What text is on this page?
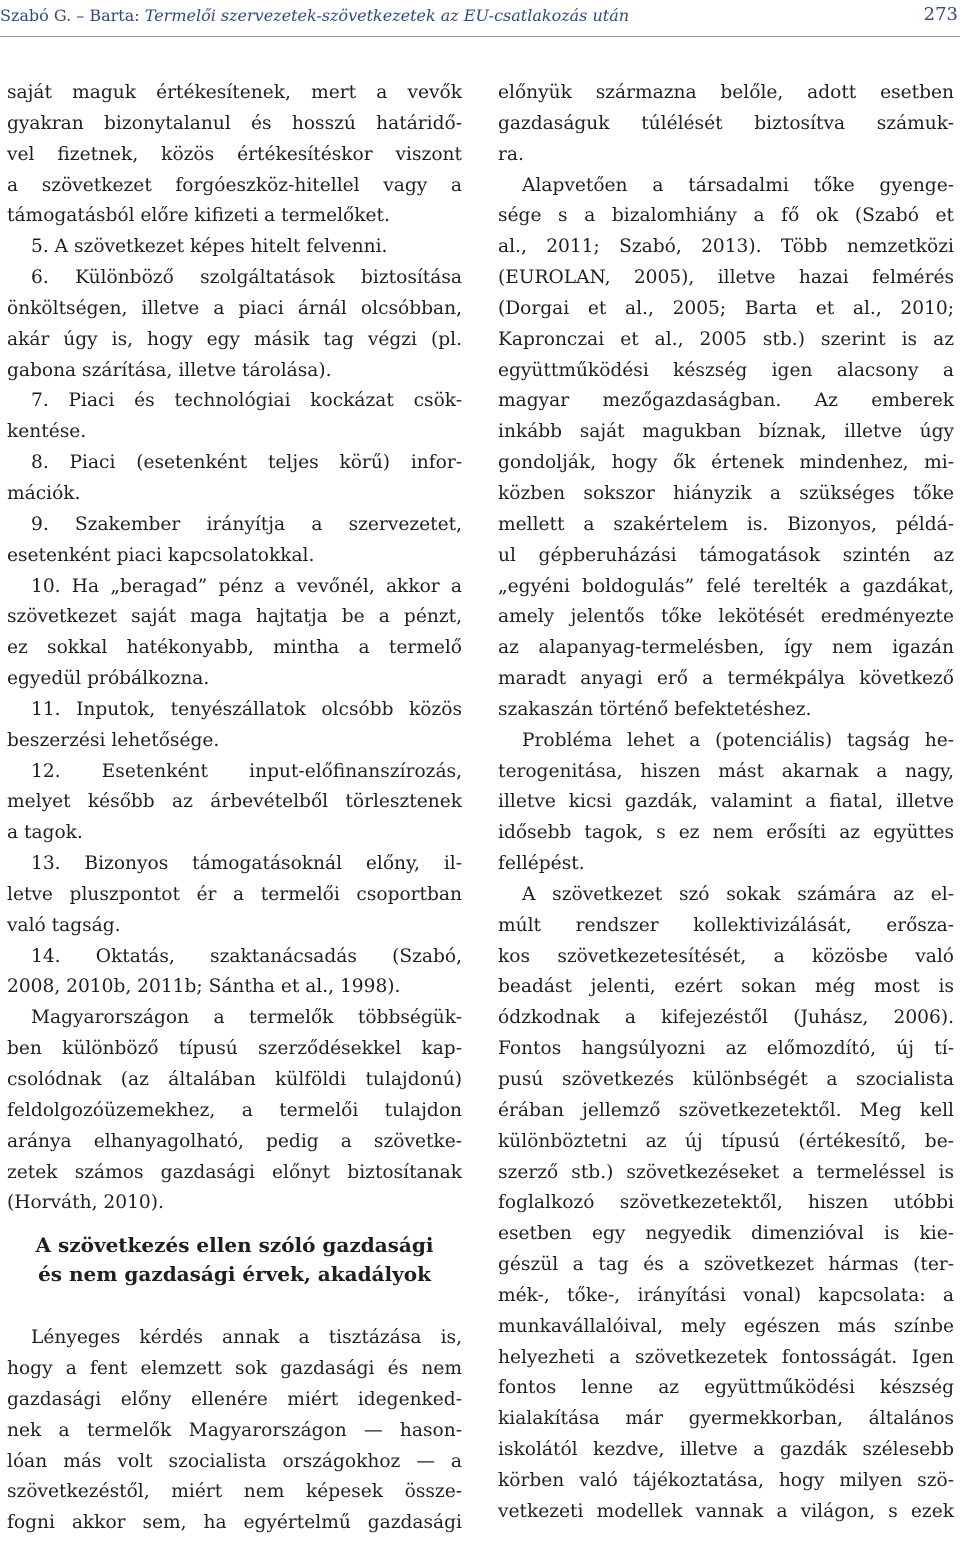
Szabó G. – Barta: Termelői szervezetek-szövetkezetek az EU-csatlakozás után	273
saját maguk értékesítenek, mert a vevők
gyakran bizonytalanul és hosszú határidő-
vel fizetnek, közös értékesítéskor viszont
a szövetkezet forgóeszköz-hitellel vagy a
támogatásból előre kifizeti a termelőket.
5. A szövetkezet képes hitelt felvenni.
6. Különböző szolgáltatások biztosítása
önköltségen, illetve a piaci árnál olcsóbban,
akár úgy is, hogy egy másik tag végzi (pl.
gabona szárítása, illetve tárolása).
7. Piaci és technológiai kockázat csök-
kentése.
8. Piaci (esetenként teljes körű) infor-
mációk.
9. Szakember irányítja a szervezetet,
esetenként piaci kapcsolatokkal.
10. Ha „beragad” pénz a vevőnél, akkor a
szövetkezet saját maga hajtatja be a pénzt,
ez sokkal hatékonyabb, mintha a termelő
egyedül próbálkozna.
11. Inputok, tenyészállatok olcsóbb közös
beszerzési lehetősége.
12. Esetenként input-előfinanszírozás,
melyet később az árbevételből törlesztenek
a tagok.
13. Bizonyos támogatásoknál előny, il-
letve pluszpontot ér a termelői csoportban
való tagság.
14. Oktatás, szaktanácsadás (Szabó,
2008, 2010b, 2011b; Sántha et al., 1998).
Magyarországon a termelők többségük-
ben különböző típusú szerződésekkel kap-
csolódnak (az általában külföldi tulajdonú)
feldolgozóüzemekhez, a termelői tulajdon
aránya elhanyagolható, pedig a szövetke-
zetek számos gazdasági előnyt biztosítanak
(Horváth, 2010).
A szövetkezés ellen szóló gazdasági
és nem gazdasági érvek, akadályok
Lényeges kérdés annak a tisztázása is,
hogy a fent elemzett sok gazdasági és nem
gazdasági előny ellenére miért idegenked-
nek a termelők Magyarországon — hason-
lóan más volt szocialista országokhoz — a
szövetkezéstől, miért nem képesek össze-
fogni akkor sem, ha egyértelmű gazdasági
előnyük származna belőle, adott esetben
gazdaságuk túlélését biztosítva számuk-
ra.
Alapvetően a társadalmi tőke gyenge-
sége s a bizalomhiány a fő ok (Szabó et
al., 2011; Szabó, 2013). Több nemzetközi
(EUROLAN, 2005), illetve hazai felmérés
(Dorgai et al., 2005; Barta et al., 2010;
Kapronczai et al., 2005 stb.) szerint is az
együttműködési készség igen alacsony a
magyar mezőgazdaságban. Az emberek
inkább saját magukban bíznak, illetve úgy
gondolják, hogy ők értenek mindenhez, mi-
közben sokszor hiányzik a szükséges tőke
mellett a szakértelem is. Bizonyos, példá-
ul gépberuházási támogatások szintén az
„egyéni boldogulás” felé terelték a gazdákat,
amely jelentős tőke lekötését eredményezte
az alapanyag-termelésben, így nem igazán
maradt anyagi erő a termékpálya következő
szakaszán történő befektetéshez.
Probléma lehet a (potenciális) tagság he-
terogenitása, hiszen mást akarnak a nagy,
illetve kicsi gazdák, valamint a fiatal, illetve
idősebb tagok, s ez nem erősíti az együttes
fellépést.
A szövetkezet szó sokak számára az el-
múlt rendszer kollektivizálását, erősza-
kos szövetkezetesítését, a közösbe való
beadást jelenti, ezért sokan még most is
ódzkodnak a kifejezéstől (Juhász, 2006).
Fontos hangsúlyozni az előmozdító, új tí-
pusú szövetkezés különbségét a szocialista
érában jellemző szövetkezetektől. Meg kell
különböztetni az új típusú (értékesítő, be-
szerző stb.) szövetkezéseket a termeléssel is
foglalkozó szövetkezetektől, hiszen utóbbi
esetben egy negyedik dimenzióval is kie-
gészül a tag és a szövetkezet hármas (ter-
mék-, tőke-, irányítási vonal) kapcsolata: a
munkavállalóival, mely egészen más színbe
helyezheti a szövetkezetek fontosságát. Igen
fontos lenne az együttműködési készség
kialakítása már gyermekkorban, általános
iskolától kezdve, illetve a gazdák szélesebb
körben való tájékoztatása, hogy milyen szö-
vetkezeti modellek vannak a világon, s ezek
